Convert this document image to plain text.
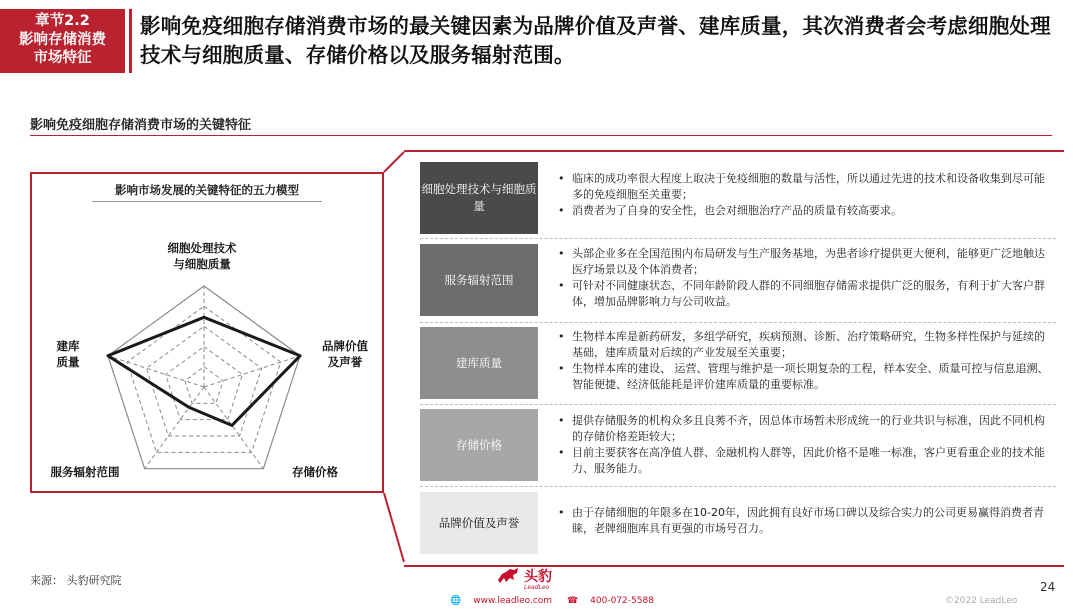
章节2.2
影响存储消费
市场特征
影响免疫细胞存储消费市场的最关键因素为品牌价值及声誉、建库质量，其次消费者会考虑细胞处理技术与细胞质量、存储价格以及服务辐射范围。
影响免疫细胞存储消费市场的关键特征
影响市场发展的关键特征的五力模型
细胞处理技术
与细胞质量
品牌价值
及声誉
存储价格
服务辐射范围
建库
质量
细胞处理技术与细胞质量
• 临床的成功率很大程度上取决于免疫细胞的数量与活性，所以通过先进的技术和设备收集到尽可能多的免疫细胞至关重要；
• 消费者为了自身的安全性，也会对细胞治疗产品的质量有较高要求。
服务辐射范围
• 头部企业多在全国范围内布局研发与生产服务基地，为患者诊疗提供更大便利，能够更广泛地触达医疗场景以及个体消费者；
• 可针对不同健康状态、不同年龄阶段人群的不同细胞存储需求提供广泛的服务，有利于扩大客户群体，增加品牌影响力与公司收益。
建库质量
• 生物样本库是新药研发，多组学研究，疾病预测、诊断、治疗策略研究，生物多样性保护与延续的基础，建库质量对后续的产业发展至关重要；
• 生物样本库的建设、 运营、管理与维护是一项长期复杂的工程，样本安全、质量可控与信息追溯、智能便捷、经济低能耗是评价建库质量的重要标准。
存储价格
• 提供存储服务的机构众多且良莠不齐，因总体市场暂未形成统一的行业共识与标准，因此不同机构的存储价格差距较大；
• 目前主要获客在高净值人群、金融机构人群等，因此价格不是唯一标准，客户更看重企业的技术能力、服务能力。
品牌价值及声誉
• 由于存储细胞的年限多在10-20年，因此拥有良好市场口碑以及综合实力的公司更易赢得消费者青睐，老牌细胞库具有更强的市场号召力。
来源： 头豹研究院	头豹
LeadLeo
🌐 www.leadleo.com ☎ 400-072-5588	©2022 LeadLeo
24
